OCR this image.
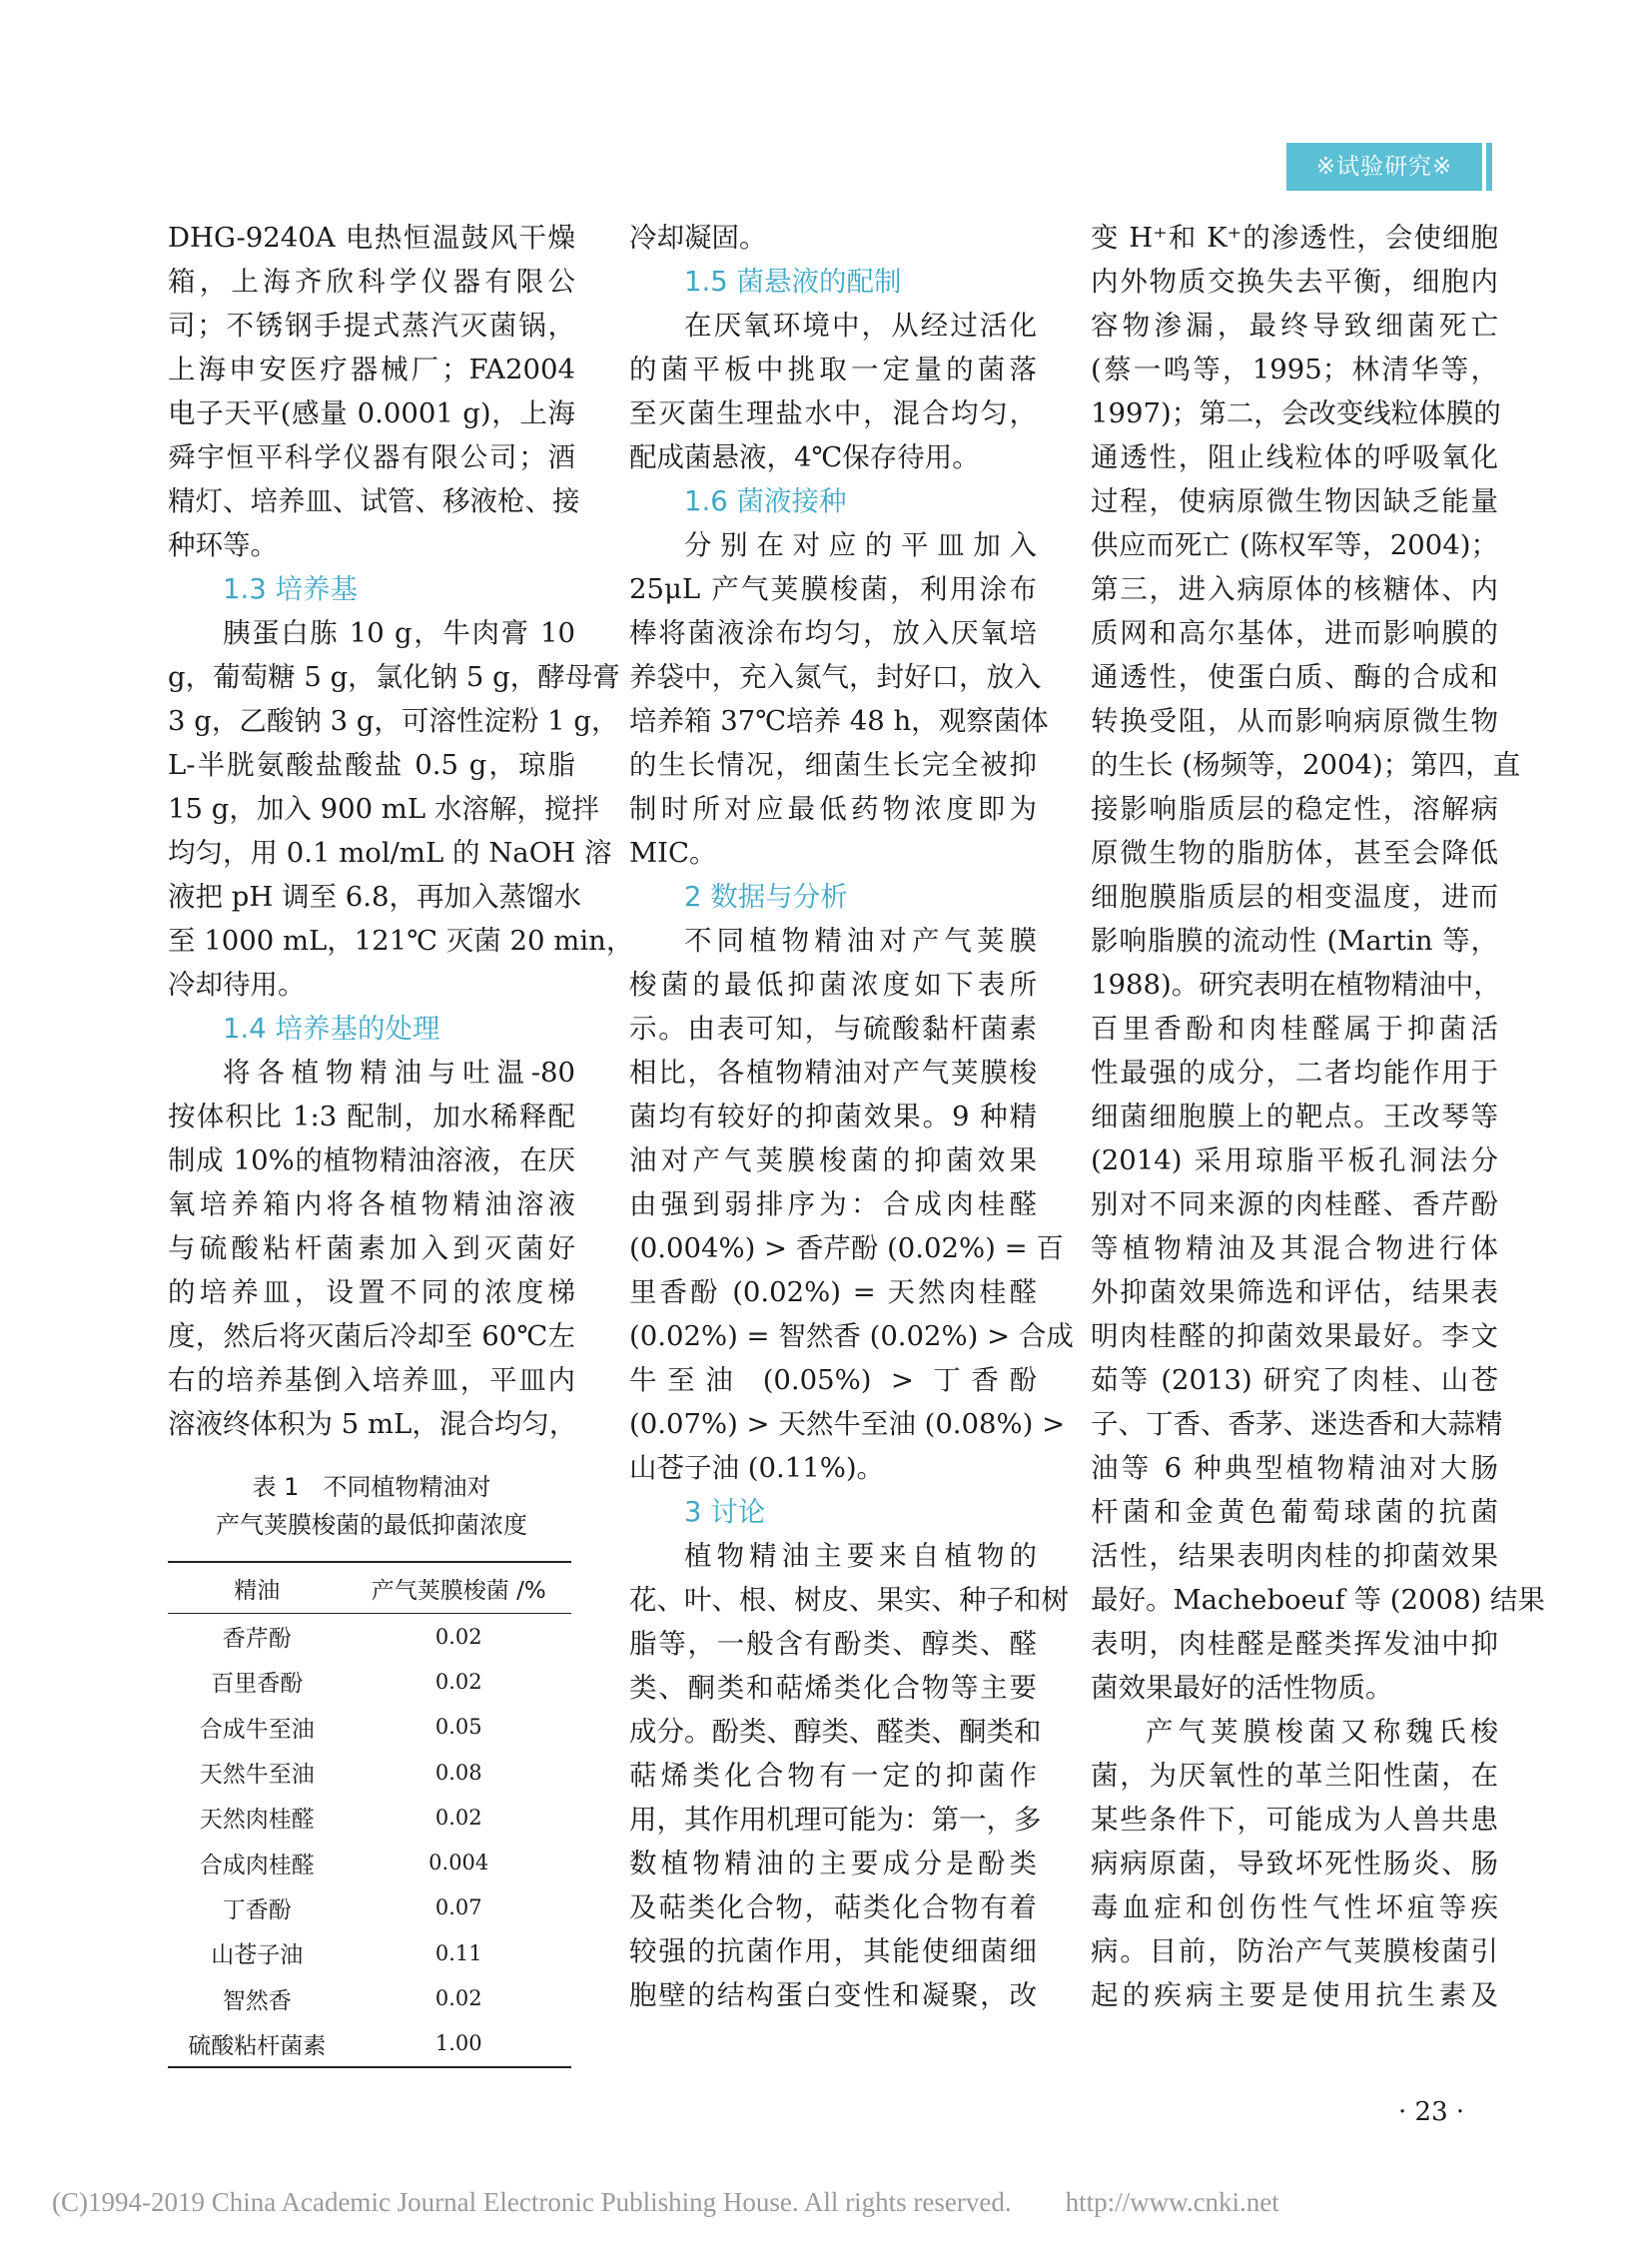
※试验研究※
DHG-9240A 电热恒温鼓风干燥
箱，上海齐欣科学仪器有限公
司；不锈钢手提式蒸汽灭菌锅，
上海申安医疗器械厂；FA2004
电子天平(感量 0.0001 g)，上海
舜宇恒平科学仪器有限公司；酒
精灯、培养皿、试管、移液枪、接
种环等。
1.3 培养基
胰蛋白胨 10 g，牛肉膏 10
g，葡萄糖 5 g，氯化钠 5 g，酵母膏
3 g，乙酸钠 3 g，可溶性淀粉 1 g，
L-半胱氨酸盐酸盐 0.5 g，琼脂
15 g，加入 900 mL 水溶解，搅拌
均匀，用 0.1 mol/mL 的 NaOH 溶
液把 pH 调至 6.8，再加入蒸馏水
至 1000 mL，121℃ 灭菌 20 min，
冷却待用。
1.4 培养基的处理
将各植物精油与吐温-80
按体积比 1:3 配制，加水稀释配
制成 10%的植物精油溶液，在厌
氧培养箱内将各植物精油溶液
与硫酸粘杆菌素加入到灭菌好
的培养皿，设置不同的浓度梯
度，然后将灭菌后冷却至 60℃左
右的培养基倒入培养皿，平皿内
溶液终体积为 5 mL，混合均匀，
表 1　不同植物精油对
产气荚膜梭菌的最低抑菌浓度
精油	产气荚膜梭菌 /%
香芹酚	0.02
百里香酚	0.02
合成牛至油	0.05
天然牛至油	0.08
天然肉桂醛	0.02
合成肉桂醛	0.004
丁香酚	0.07
山苍子油	0.11
智然香	0.02
硫酸粘杆菌素	1.00
冷却凝固。
1.5 菌悬液的配制
在厌氧环境中，从经过活化
的菌平板中挑取一定量的菌落
至灭菌生理盐水中，混合均匀，
配成菌悬液，4℃保存待用。
1.6 菌液接种
分别在对应的平皿加入
25μL 产气荚膜梭菌，利用涂布
棒将菌液涂布均匀，放入厌氧培
养袋中，充入氮气，封好口，放入
培养箱 37℃培养 48 h，观察菌体
的生长情况，细菌生长完全被抑
制时所对应最低药物浓度即为
MIC。
2 数据与分析
不同植物精油对产气荚膜
梭菌的最低抑菌浓度如下表所
示。由表可知，与硫酸黏杆菌素
相比，各植物精油对产气荚膜梭
菌均有较好的抑菌效果。9 种精
油对产气荚膜梭菌的抑菌效果
由强到弱排序为：合成肉桂醛
(0.004%) > 香芹酚 (0.02%) = 百
里香酚 (0.02%) = 天然肉桂醛
(0.02%) = 智然香 (0.02%) > 合成
牛至油 (0.05%) > 丁香酚
(0.07%) > 天然牛至油 (0.08%) >
山苍子油 (0.11%)。
3 讨论
植物精油主要来自植物的
花、叶、根、树皮、果实、种子和树
脂等，一般含有酚类、醇类、醛
类、酮类和萜烯类化合物等主要
成分。酚类、醇类、醛类、酮类和
萜烯类化合物有一定的抑菌作
用，其作用机理可能为：第一，多
数植物精油的主要成分是酚类
及萜类化合物，萜类化合物有着
较强的抗菌作用，其能使细菌细
胞壁的结构蛋白变性和凝聚，改
变 H⁺和 K⁺的渗透性，会使细胞
内外物质交换失去平衡，细胞内
容物渗漏，最终导致细菌死亡
(蔡一鸣等，1995；林清华等，
1997)；第二，会改变线粒体膜的
通透性，阻止线粒体的呼吸氧化
过程，使病原微生物因缺乏能量
供应而死亡 (陈权军等，2004)；
第三，进入病原体的核糖体、内
质网和高尔基体，进而影响膜的
通透性，使蛋白质、酶的合成和
转换受阻，从而影响病原微生物
的生长 (杨频等，2004)；第四，直
接影响脂质层的稳定性，溶解病
原微生物的脂肪体，甚至会降低
细胞膜脂质层的相变温度，进而
影响脂膜的流动性 (Martin 等，
1988)。研究表明在植物精油中，
百里香酚和肉桂醛属于抑菌活
性最强的成分，二者均能作用于
细菌细胞膜上的靶点。王改琴等
(2014) 采用琼脂平板孔洞法分
别对不同来源的肉桂醛、香芹酚
等植物精油及其混合物进行体
外抑菌效果筛选和评估，结果表
明肉桂醛的抑菌效果最好。李文
茹等 (2013) 研究了肉桂、山苍
子、丁香、香茅、迷迭香和大蒜精
油等 6 种典型植物精油对大肠
杆菌和金黄色葡萄球菌的抗菌
活性，结果表明肉桂的抑菌效果
最好。Macheboeuf 等 (2008) 结果
表明，肉桂醛是醛类挥发油中抑
菌效果最好的活性物质。
产气荚膜梭菌又称魏氏梭
菌，为厌氧性的革兰阳性菌，在
某些条件下，可能成为人兽共患
病病原菌，导致坏死性肠炎、肠
毒血症和创伤性气性坏疽等疾
病。目前，防治产气荚膜梭菌引
起的疾病主要是使用抗生素及
· 23 ·
(C)1994-2019 China Academic Journal Electronic Publishing House. All rights reserved.　　http://www.cnki.net
